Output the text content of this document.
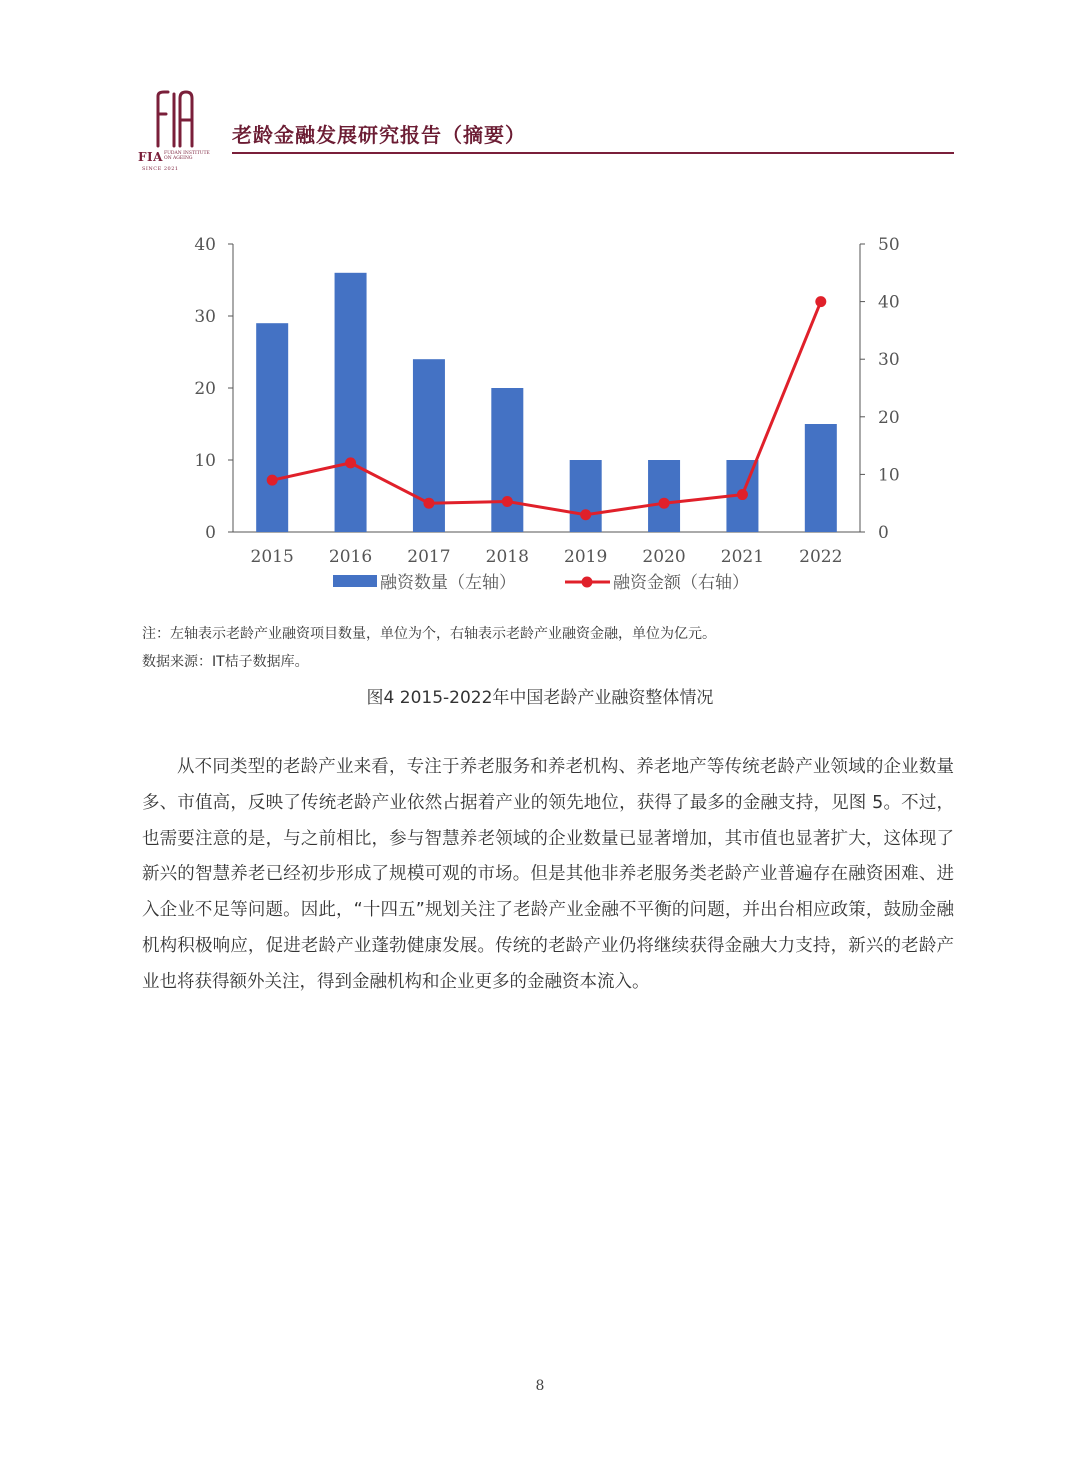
FIA FUDAN INSTITUTE ON AGEING
SINCE 2021
老龄金融发展研究报告（摘要）
0
10
20
30
40
0
10
20
30
40
50
2015 2016 2017 2018 2019 2020 2021 2022
融资数量（左轴）	融资金额（右轴）
注：左轴表示老龄产业融资项目数量，单位为个，右轴表示老龄产业融资金融，单位为亿元。
数据来源：IT桔子数据库。
图4 2015-2022年中国老龄产业融资整体情况
从不同类型的老龄产业来看，专注于养老服务和养老机构、养老地产等传统老龄产业领域的企业数量多、市值高，反映了传统老龄产业依然占据着产业的领先地位，获得了最多的金融支持，见图 5。不过，也需要注意的是，与之前相比，参与智慧养老领域的企业数量已显著增加，其市值也显著扩大，这体现了新兴的智慧养老已经初步形成了规模可观的市场。但是其他非养老服务类老龄产业普遍存在融资困难、进入企业不足等问题。因此，“十四五”规划关注了老龄产业金融不平衡的问题，并出台相应政策，鼓励金融机构积极响应，促进老龄产业蓬勃健康发展。传统的老龄产业仍将继续获得金融大力支持，新兴的老龄产业也将获得额外关注，得到金融机构和企业更多的金融资本流入。
8
